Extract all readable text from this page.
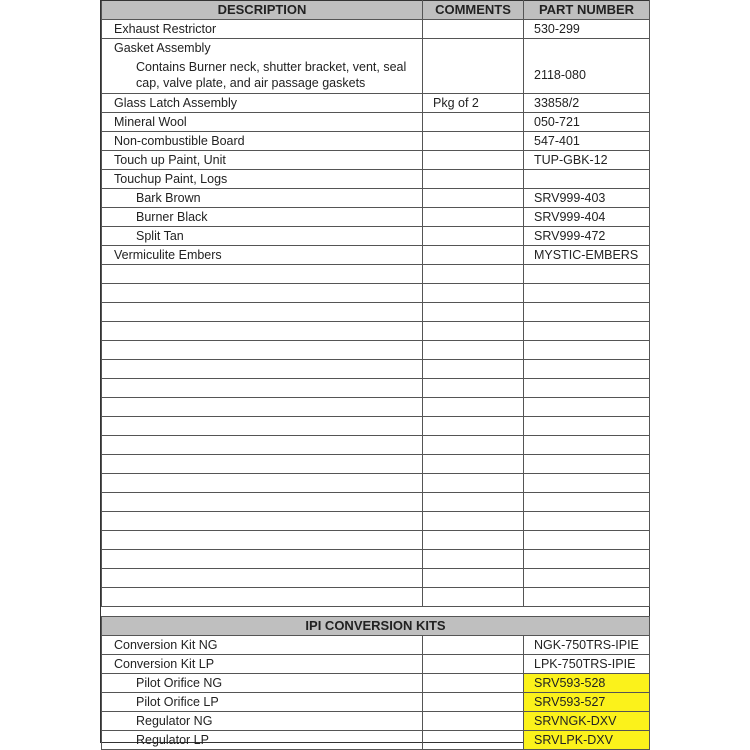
DESCRIPTION	COMMENTS	PART NUMBER
Exhaust Restrictor		530-299
Gasket Assembly		
Contains Burner neck, shutter bracket, vent, seal cap, valve plate, and air passage gaskets		2118-080
Glass Latch Assembly	Pkg of 2	33858/2
Mineral Wool		050-721
Non-combustible Board		547-401
Touch up Paint, Unit		TUP-GBK-12
Touchup Paint, Logs		
Bark Brown		SRV999-403
Burner Black		SRV999-404
Split Tan		SRV999-472
Vermiculite Embers		MYSTIC-EMBERS

IPI CONVERSION KITS		
Conversion Kit NG		NGK-750TRS-IPIE
Conversion Kit LP		LPK-750TRS-IPIE
Pilot Orifice NG		SRV593-528
Pilot Orifice LP		SRV593-527
Regulator NG		SRVNGK-DXV
Regulator LP		SRVLPK-DXV
